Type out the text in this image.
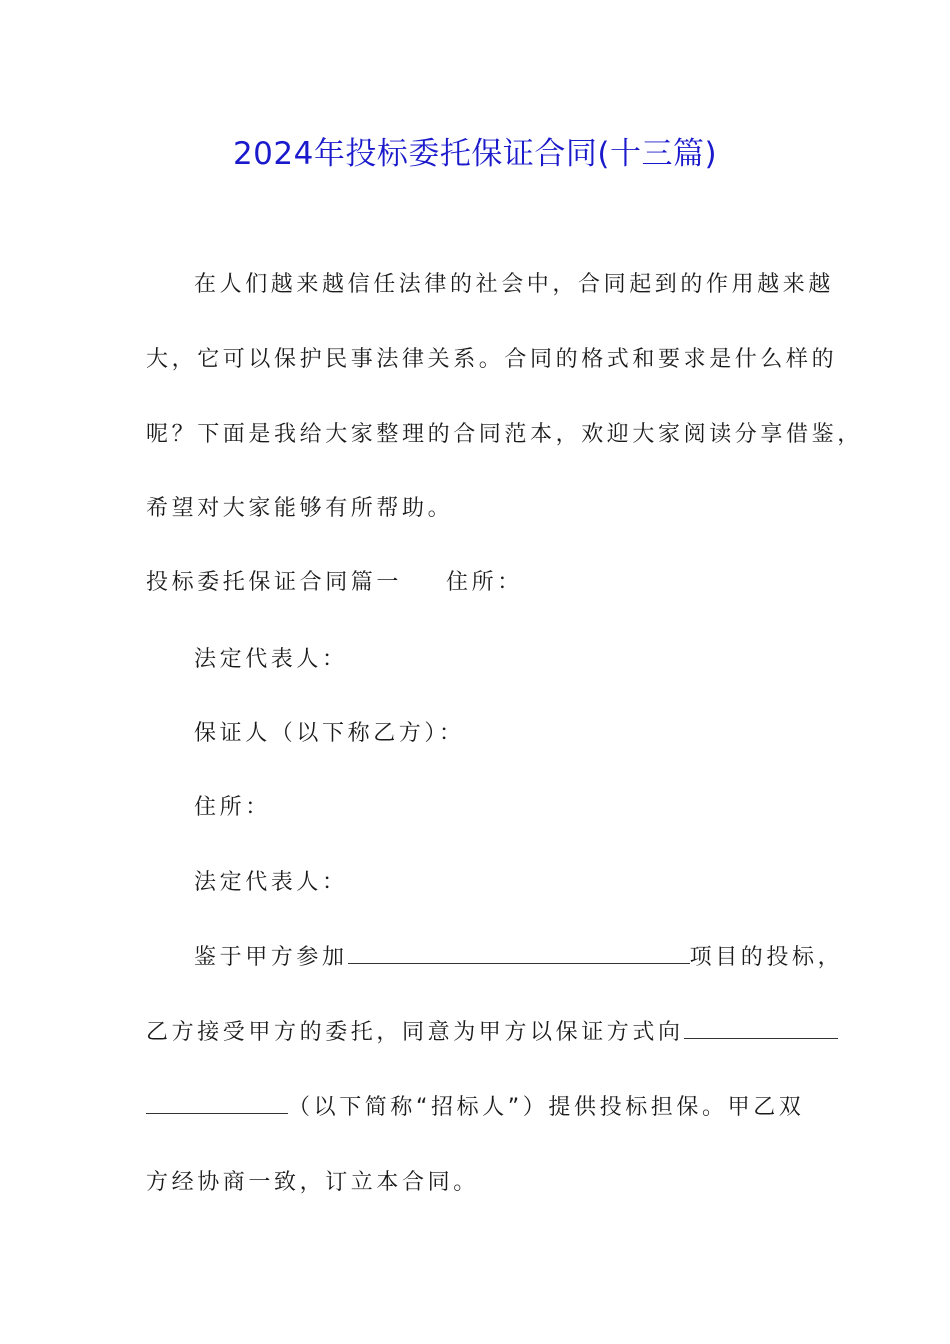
2024年投标委托保证合同(十三篇)
在人们越来越信任法律的社会中，合同起到的作用越来越
大，它可以保护民事法律关系。合同的格式和要求是什么样的
呢？下面是我给大家整理的合同范本，欢迎大家阅读分享借鉴，
希望对大家能够有所帮助。
投标委托保证合同篇一 住所：
法定代表人：
保证人（以下称乙方）：
住所：
法定代表人：
鉴于甲方参加	项目的投标，
乙方接受甲方的委托，同意为甲方以保证方式向
（以下简称“招标人”）提供投标担保。甲乙双
方经协商一致，订立本合同。
